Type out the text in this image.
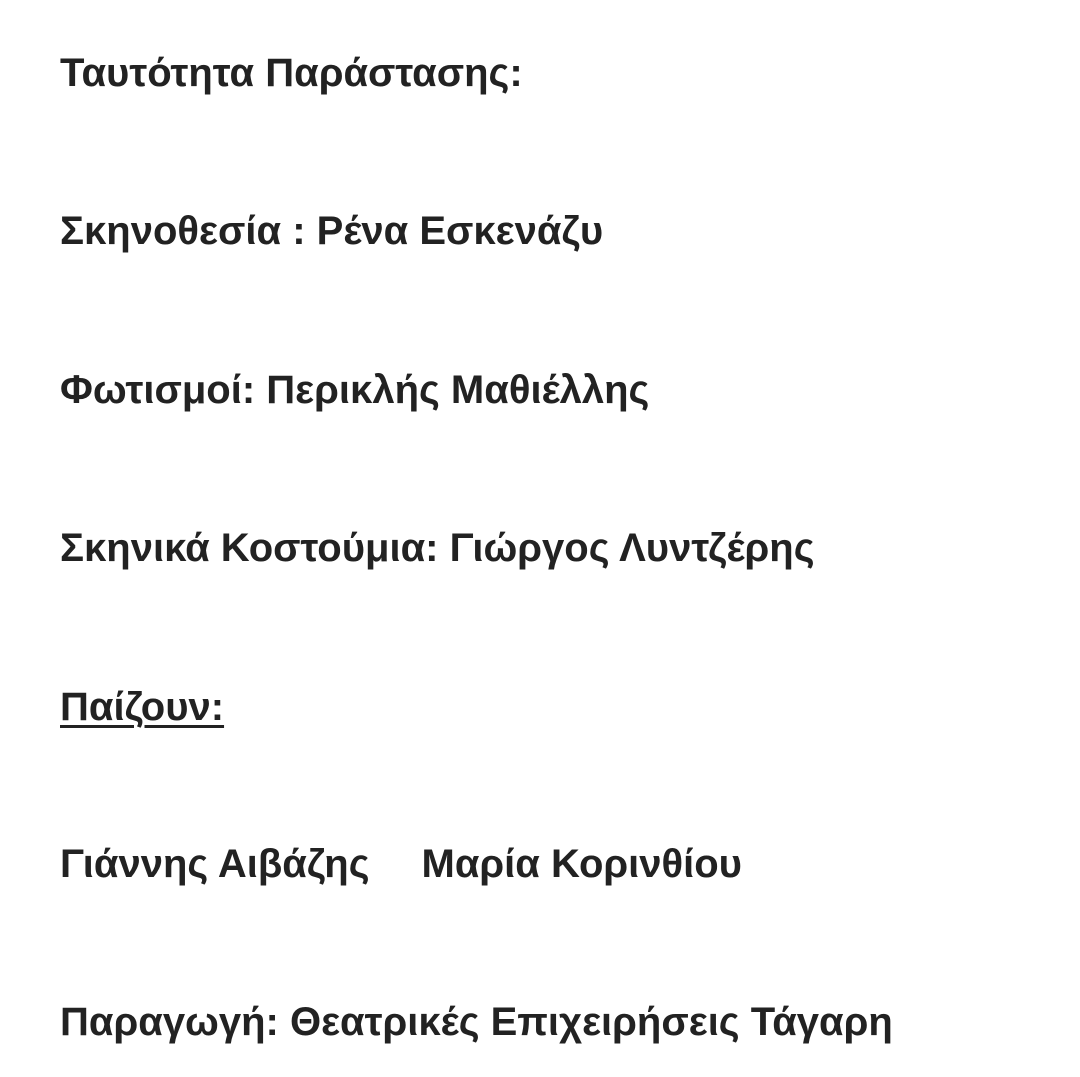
Ταυτότητα Παράστασης:

Σκηνοθεσία : Ρένα Εσκενάζυ

Φωτισμοί: Περικλής Μαθιέλλης

Σκηνικά Κοστούμια: Γιώργος Λυντζέρης

Παίζουν:

Γιάννης Αιβάζης Μαρία Κορινθίου

Παραγωγή: Θεατρικές Επιχειρήσεις Τάγαρη
